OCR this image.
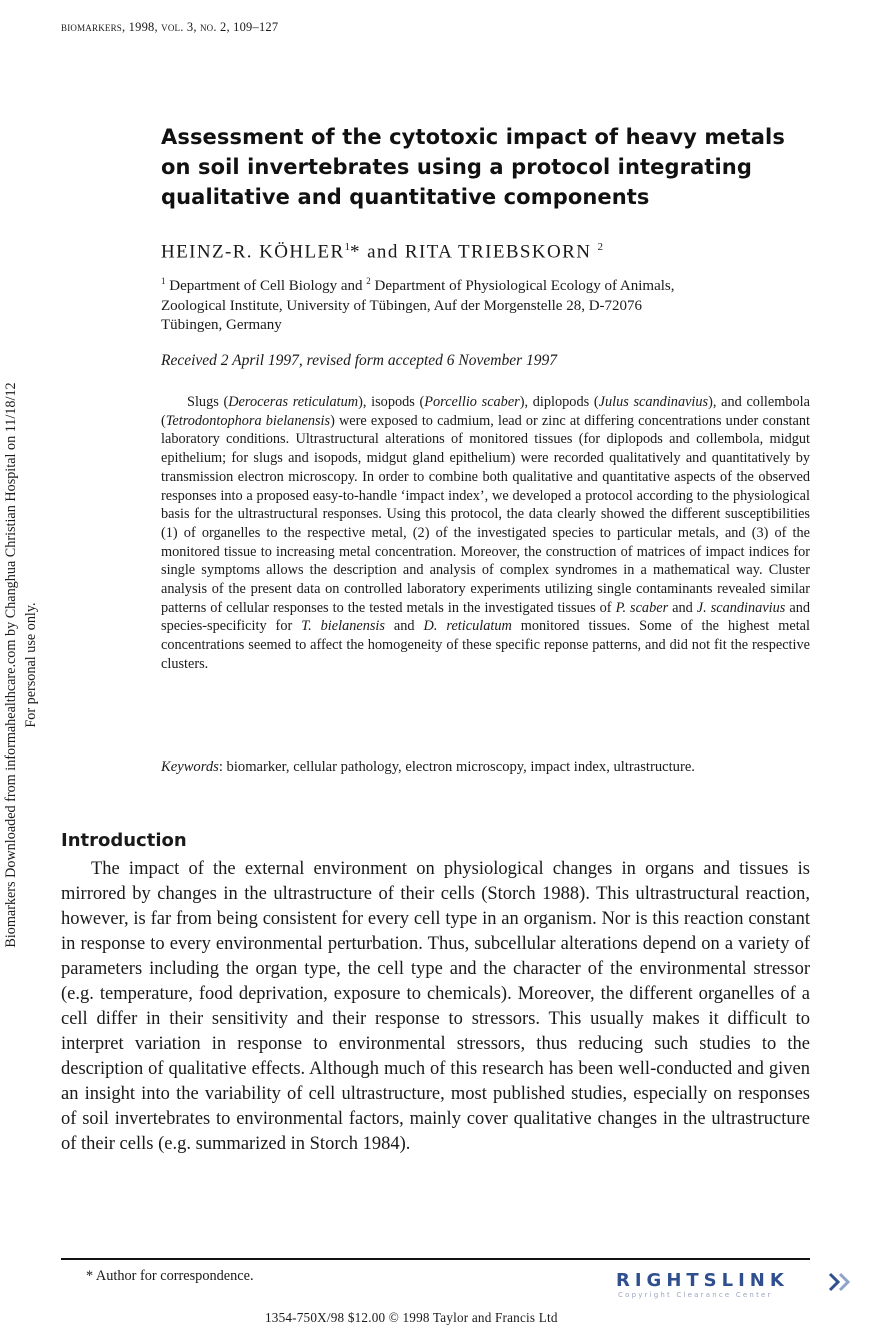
biomarkers, 1998, vol. 3, no. 2, 109–127
Assessment of the cytotoxic impact of heavy metals on soil invertebrates using a protocol integrating qualitative and quantitative components
HEINZ-R. KÖHLER$^1$* and RITA TRIEBSKORN $^2$

$^1$ Department of Cell Biology and $^2$ Department of Physiological Ecology of Animals,

Zoological Institute, University of Tübingen, Auf der Morgenstelle 28, D-72076

Tübingen, Germany

Received 2 April 1997, revised form accepted 6 November 1997

Slugs (Deroceras reticulatum), isopods (Porcellio scaber), diplopods (Julus scandinavius), and collembola (Tetrodontophora bielanensis) were exposed to cadmium, lead or zinc at differing concentrations under constant laboratory conditions. Ultrastructural alterations of monitored tissues (for diplopods and collembola, midgut epithelium; for slugs and isopods, midgut gland epithelium) were recorded qualitatively and quantitatively by transmission electron microscopy. In order to combine both qualitative and quantitative aspects of the observed responses into a proposed easy-to-handle ‘impact index’, we developed a protocol according to the physiological basis for the ultrastructural responses. Using this protocol, the data clearly showed the different susceptibilities (1) of organelles to the respective metal, (2) of the investigated species to particular metals, and (3) of the monitored tissue to increasing metal concentration. Moreover, the construction of matrices of impact indices for single symptoms allows the description and analysis of complex syndromes in a mathematical way. Cluster analysis of the present data on controlled laboratory experiments utilizing single contaminants revealed similar patterns of cellular responses to the tested metals in the investigated tissues of P. scaber and J. scandinavius and species-specificity for T. bielanensis and D. reticulatum monitored tissues. Some of the highest metal concentrations seemed to affect the homogeneity of these specific reponse patterns, and did not fit the respective clusters.

Keywords: biomarker, cellular pathology, electron microscopy, impact index, ultrastructure.
Introduction

The impact of the external environment on physiological changes in organs and tissues is mirrored by changes in the ultrastructure of their cells (Storch 1988). This ultrastructural reaction, however, is far from being consistent for every cell type in an organism. Nor is this reaction constant in response to every environmental perturbation. Thus, subcellular alterations depend on a variety of parameters including the organ type, the cell type and the character of the environmental stressor (e.g. temperature, food deprivation, exposure to chemicals). Moreover, the different organelles of a cell differ in their sensitivity and their response to stressors. This usually makes it difficult to interpret variation in response to environmental stressors, thus reducing such studies to the description of qualitative effects. Although much of this research has been well-conducted and given an insight into the variability of cell ultrastructure, most published studies, especially on responses of soil invertebrates to environmental factors, mainly cover qualitative changes in the ultrastructure of their cells (e.g. summarized in Storch 1984).

* Author for correspondence.	RIGHTSLINK
Copyright Clearance Center
1354-750X/98 $12.00 © 1998 Taylor and Francis Ltd
Biomarkers Downloaded from informahealthcare.com by Changhua Christian Hospital on 11/18/12 For personal use only.
